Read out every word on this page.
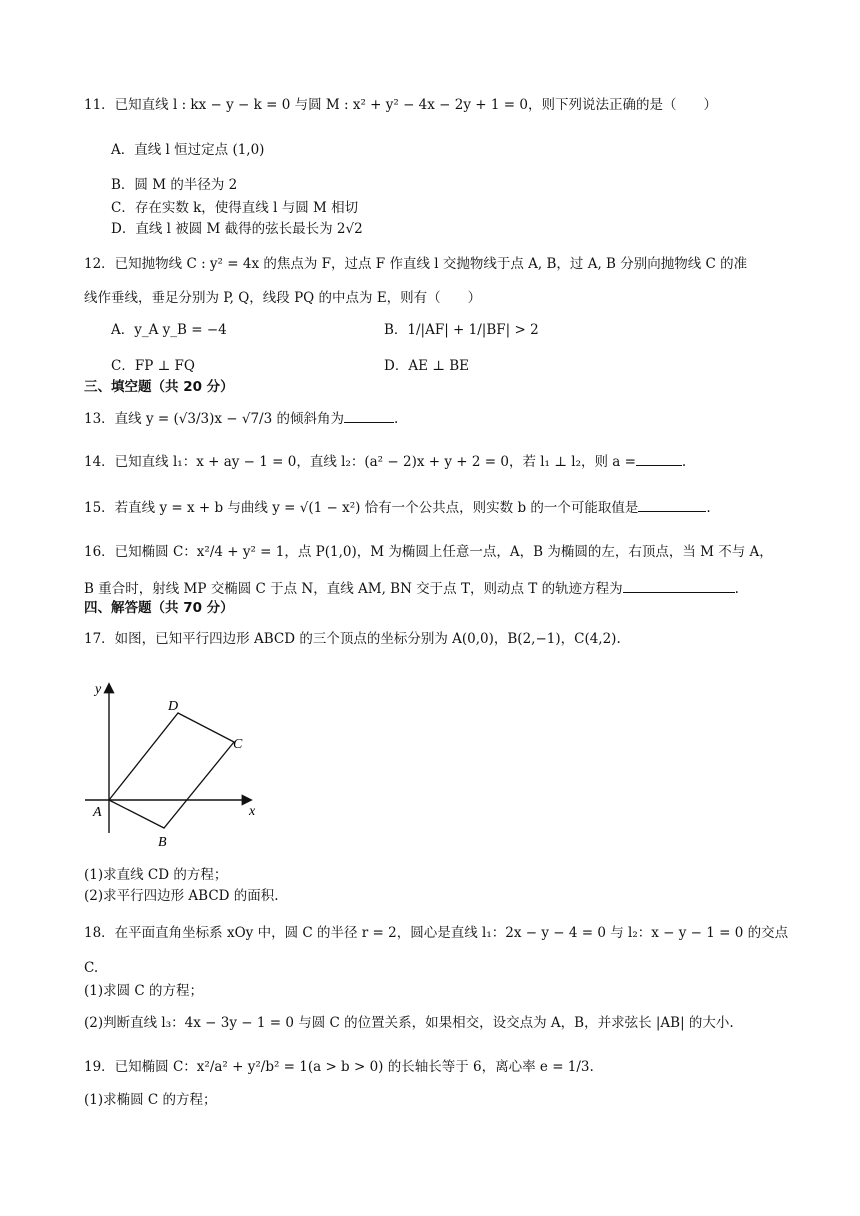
11．已知直线 l : kx − y − k = 0 与圆 M : x² + y² − 4x − 2y + 1 = 0，则下列说法正确的是（　　）
A．直线 l 恒过定点 (1,0)
B．圆 M 的半径为 2
C．存在实数 k，使得直线 l 与圆 M 相切
D．直线 l 被圆 M 截得的弦长最长为 2√2
12．已知抛物线 C : y² = 4x 的焦点为 F，过点 F 作直线 l 交抛物线于点 A, B，过 A, B 分别向抛物线 C 的准
线作垂线，垂足分别为 P, Q，线段 PQ 的中点为 E，则有（　　）
A．y_A y_B = −4	B．1/|AF| + 1/|BF| > 2
C．FP ⊥ FQ	D．AE ⊥ BE
三、填空题（共 20 分）
13．直线 y = (√3/3)x − √7/3 的倾斜角为	.
14．已知直线 l₁：x + ay − 1 = 0，直线 l₂：(a² − 2)x + y + 2 = 0，若 l₁ ⊥ l₂，则 a =	.
15．若直线 y = x + b 与曲线 y = √(1 − x²) 恰有一个公共点，则实数 b 的一个可能取值是	.
16．已知椭圆 C：x²/4 + y² = 1，点 P(1,0)，M 为椭圆上任意一点，A，B 为椭圆的左，右顶点，当 M 不与 A，
B 重合时，射线 MP 交椭圆 C 于点 N，直线 AM, BN 交于点 T，则动点 T 的轨迹方程为	.
四、解答题（共 70 分）
17．如图，已知平行四边形 ABCD 的三个顶点的坐标分别为 A(0,0)，B(2,−1)，C(4,2).
y
x
A
B
C
D
(1)求直线 CD 的方程；
(2)求平行四边形 ABCD 的面积.
18．在平面直角坐标系 xOy 中，圆 C 的半径 r = 2，圆心是直线 l₁：2x − y − 4 = 0 与 l₂：x − y − 1 = 0 的交点
C.
(1)求圆 C 的方程；
(2)判断直线 l₃：4x − 3y − 1 = 0 与圆 C 的位置关系，如果相交，设交点为 A，B，并求弦长 |AB| 的大小.
19．已知椭圆 C：x²/a² + y²/b² = 1(a > b > 0) 的长轴长等于 6，离心率 e = 1/3.
(1)求椭圆 C 的方程；
